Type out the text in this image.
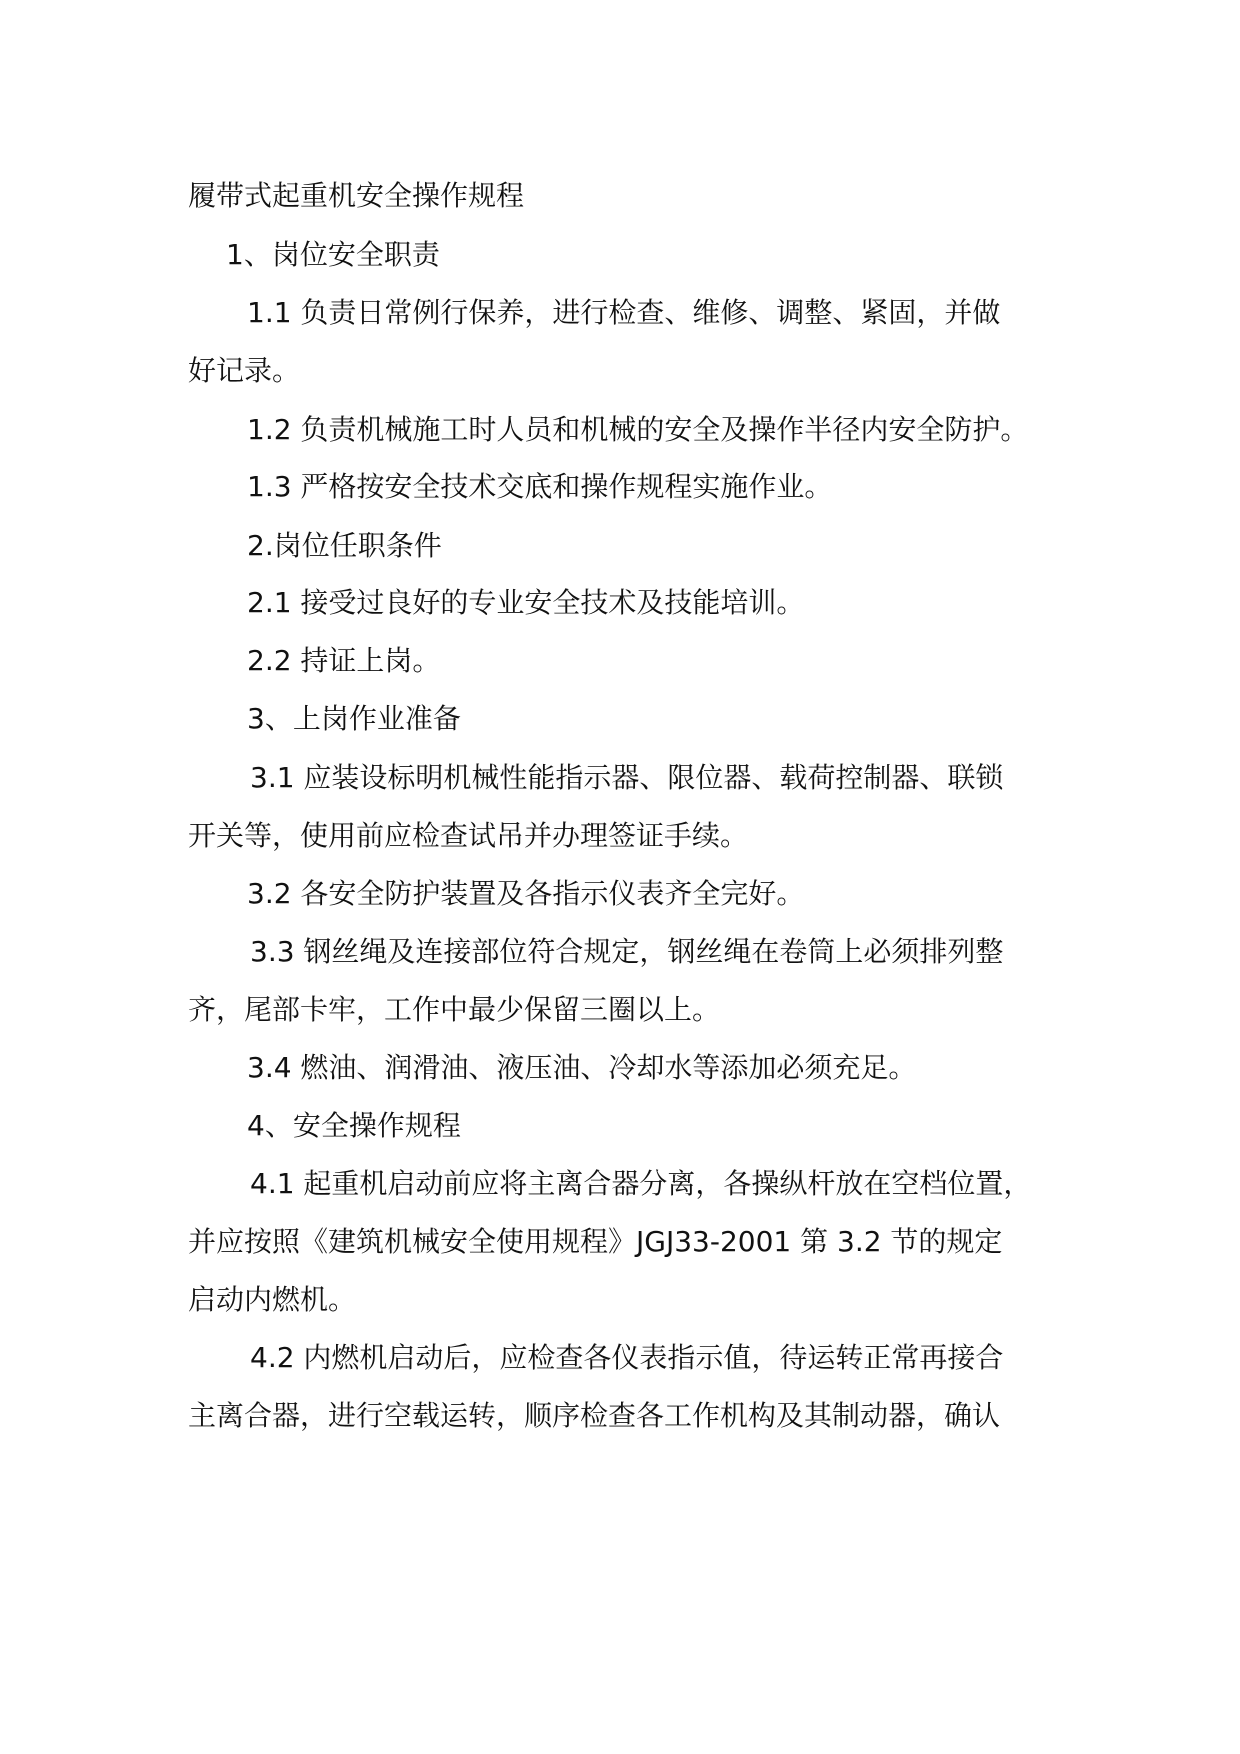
履带式起重机安全操作规程
1、岗位安全职责
1.1 负责日常例行保养，进行检查、维修、调整、紧固，并做
好记录。
1.2 负责机械施工时人员和机械的安全及操作半径内安全防护。
1.3 严格按安全技术交底和操作规程实施作业。
2.岗位任职条件
2.1 接受过良好的专业安全技术及技能培训。
2.2 持证上岗。
3、上岗作业准备
3.1 应装设标明机械性能指示器、限位器、载荷控制器、联锁
开关等，使用前应检查试吊并办理签证手续。
3.2 各安全防护装置及各指示仪表齐全完好。
3.3 钢丝绳及连接部位符合规定，钢丝绳在卷筒上必须排列整
齐，尾部卡牢，工作中最少保留三圈以上。
3.4 燃油、润滑油、液压油、冷却水等添加必须充足。
4、安全操作规程
4.1 起重机启动前应将主离合器分离，各操纵杆放在空档位置，
并应按照《建筑机械安全使用规程》JGJ33-2001 第 3.2 节的规定
启动内燃机。
4.2 内燃机启动后，应检查各仪表指示值，待运转正常再接合
主离合器，进行空载运转，顺序检查各工作机构及其制动器，确认
